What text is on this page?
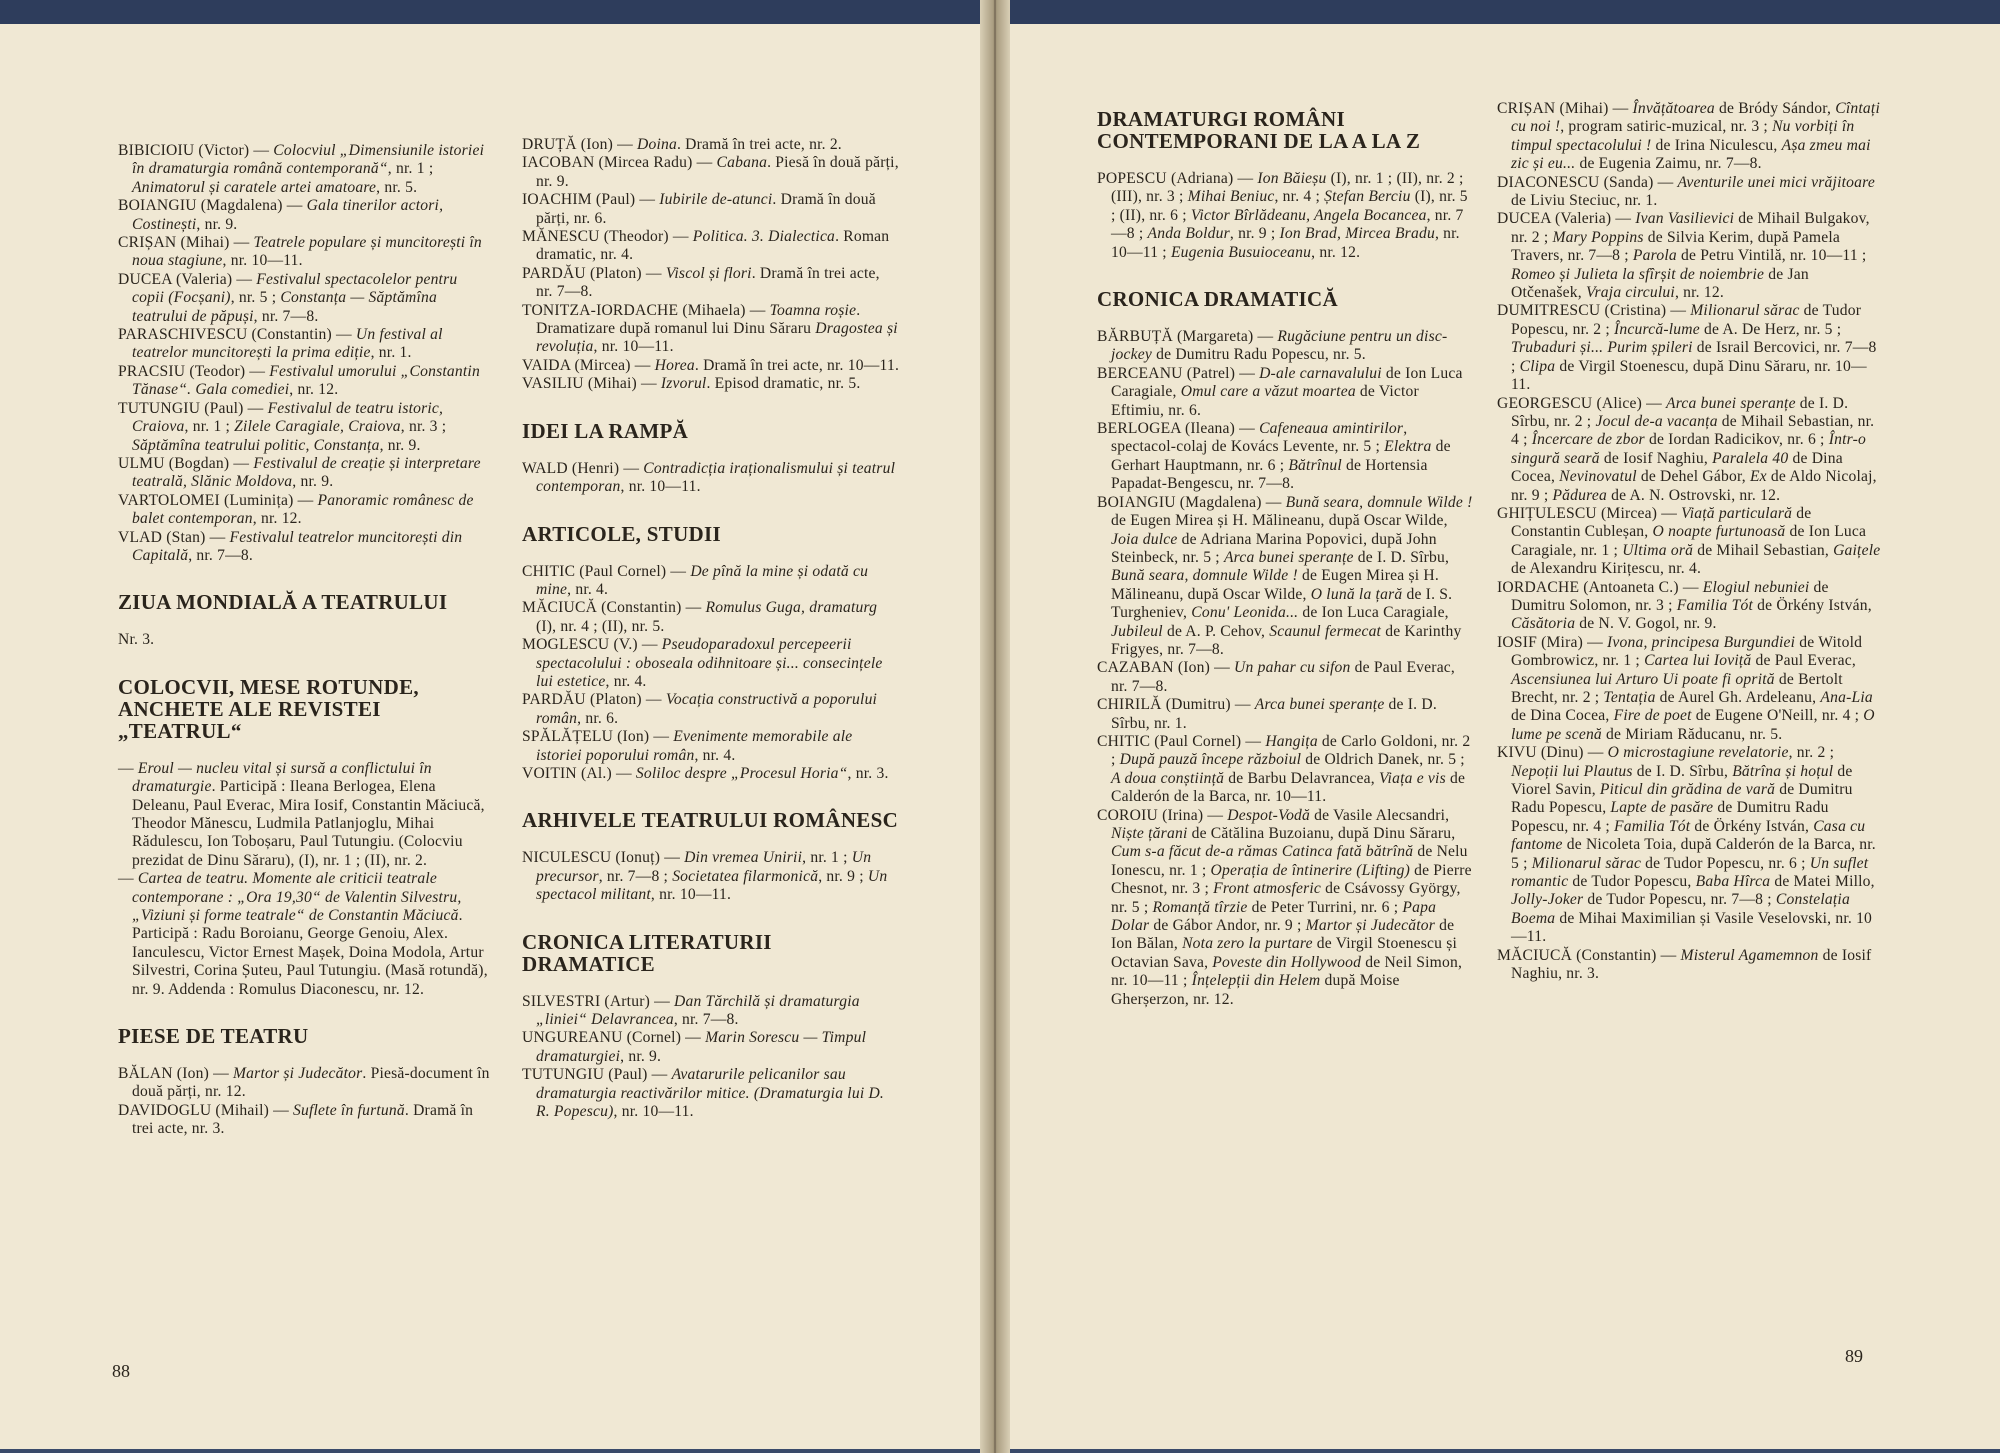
BIBICIOIU (Victor) — Colocviul „Dimensiunile istoriei în dramaturgia română contemporană“, nr. 1 ; Animatorul și caratele artei amatoare, nr. 5.
BOIANGIU (Magdalena) — Gala tinerilor actori, Costinești, nr. 9.
CRIȘAN (Mihai) — Teatrele populare și muncitorești în noua stagiune, nr. 10—11.
DUCEA (Valeria) — Festivalul spectacolelor pentru copii (Focșani), nr. 5 ; Constanța — Săptămîna teatrului de păpuși, nr. 7—8.
PARASCHIVESCU (Constantin) — Un festival al teatrelor muncitorești la prima ediție, nr. 1.
PRACSIU (Teodor) — Festivalul umorului „Constantin Tănase“. Gala comediei, nr. 12.
TUTUNGIU (Paul) — Festivalul de teatru istoric, Craiova, nr. 1 ; Zilele Caragiale, Craiova, nr. 3 ; Săptămîna teatrului politic, Constanța, nr. 9.
ULMU (Bogdan) — Festivalul de creație și interpretare teatrală, Slănic Moldova, nr. 9.
VARTOLOMEI (Luminița) — Panoramic românesc de balet contemporan, nr. 12.
VLAD (Stan) — Festivalul teatrelor muncitorești din Capitală, nr. 7—8.
ZIUA MONDIALĂ A TEATRULUI
Nr. 3.
COLOCVII, MESE ROTUNDE, ANCHETE ALE REVISTEI „TEATRUL“
— Eroul — nucleu vital și sursă a conflictului în dramaturgie. Participă : Ileana Berlogea, Elena Deleanu, Paul Everac, Mira Iosif, Constantin Măciucă, Theodor Mănescu, Ludmila Patlanjoglu, Mihai Rădulescu, Ion Toboșaru, Paul Tutungiu. (Colocviu prezidat de Dinu Săraru), (I), nr. 1 ; (II), nr. 2.
— Cartea de teatru. Momente ale criticii teatrale contemporane : „Ora 19,30“ de Valentin Silvestru, „Viziuni și forme teatrale“ de Constantin Măciucă. Participă : Radu Boroianu, George Genoiu, Alex. Ianculescu, Victor Ernest Mașek, Doina Modola, Artur Silvestri, Corina Șuteu, Paul Tutungiu. (Masă rotundă), nr. 9. Addenda : Romulus Diaconescu, nr. 12.
PIESE DE TEATRU
BĂLAN (Ion) — Martor și Judecător. Piesă-document în două părți, nr. 12.
DAVIDOGLU (Mihail) — Suflete în furtună. Dramă în trei acte, nr. 3.
DRUȚĂ (Ion) — Doina. Dramă în trei acte, nr. 2.
IACOBAN (Mircea Radu) — Cabana. Piesă în două părți, nr. 9.
IOACHIM (Paul) — Iubirile de-atunci. Dramă în două părți, nr. 6.
MĂNESCU (Theodor) — Politica. 3. Dialectica. Roman dramatic, nr. 4.
PARDĂU (Platon) — Viscol și flori. Dramă în trei acte, nr. 7—8.
TONITZA-IORDACHE (Mihaela) — Toamna roșie. Dramatizare după romanul lui Dinu Săraru Dragostea și revoluția, nr. 10—11.
VAIDA (Mircea) — Horea. Dramă în trei acte, nr. 10—11.
VASILIU (Mihai) — Izvorul. Episod dramatic, nr. 5.
IDEI LA RAMPĂ
WALD (Henri) — Contradicția iraționalismului și teatrul contemporan, nr. 10—11.
ARTICOLE, STUDII
CHITIC (Paul Cornel) — De pînă la mine și odată cu mine, nr. 4.
MĂCIUCĂ (Constantin) — Romulus Guga, dramaturg (I), nr. 4 ; (II), nr. 5.
MOGLESCU (V.) — Pseudoparadoxul percepeerii spectacolului : oboseala odihnitoare și... consecințele lui estetice, nr. 4.
PARDĂU (Platon) — Vocația constructivă a poporului român, nr. 6.
SPĂLĂȚELU (Ion) — Evenimente memorabile ale istoriei poporului român, nr. 4.
VOITIN (Al.) — Soliloc despre „Procesul Horia“, nr. 3.
ARHIVELE TEATRULUI ROMÂNESC
NICULESCU (Ionuț) — Din vremea Unirii, nr. 1 ; Un precursor, nr. 7—8 ; Societatea filarmonică, nr. 9 ; Un spectacol militant, nr. 10—11.
CRONICA LITERATURII DRAMATICE
SILVESTRI (Artur) — Dan Tărchilă și dramaturgia „liniei“ Delavrancea, nr. 7—8.
UNGUREANU (Cornel) — Marin Sorescu — Timpul dramaturgiei, nr. 9.
TUTUNGIU (Paul) — Avatarurile pelicanilor sau dramaturgia reactivărilor mitice. (Dramaturgia lui D. R. Popescu), nr. 10—11.
88
DRAMATURGI ROMÂNI CONTEMPORANI DE LA A LA Z
POPESCU (Adriana) — Ion Băieșu (I), nr. 1 ; (II), nr. 2 ; (III), nr. 3 ; Mihai Beniuc, nr. 4 ; Ștefan Berciu (I), nr. 5 ; (II), nr. 6 ; Victor Bîrlădeanu, Angela Bocancea, nr. 7—8 ; Anda Boldur, nr. 9 ; Ion Brad, Mircea Bradu, nr. 10—11 ; Eugenia Busuioceanu, nr. 12.
CRONICA DRAMATICĂ
BĂRBUȚĂ (Margareta) — Rugăciune pentru un disc-jockey de Dumitru Radu Popescu, nr. 5.
BERCEANU (Patrel) — D-ale carnavalului de Ion Luca Caragiale, Omul care a văzut moartea de Victor Eftimiu, nr. 6.
BERLOGEA (Ileana) — Cafeneaua amintirilor, spectacol-colaj de Kovács Levente, nr. 5 ; Elektra de Gerhart Hauptmann, nr. 6 ; Bătrînul de Hortensia Papadat-Bengescu, nr. 7—8.
BOIANGIU (Magdalena) — Bună seara, domnule Wilde ! de Eugen Mirea și H. Mălineanu, după Oscar Wilde, Joia dulce de Adriana Marina Popovici, după John Steinbeck, nr. 5 ; Arca bunei speranțe de I. D. Sîrbu, Bună seara, domnule Wilde ! de Eugen Mirea și H. Mălineanu, după Oscar Wilde, O lună la țară de I. S. Turgheniev, Conu' Leonida... de Ion Luca Caragiale, Jubileul de A. P. Cehov, Scaunul fermecat de Karinthy Frigyes, nr. 7—8.
CAZABAN (Ion) — Un pahar cu sifon de Paul Everac, nr. 7—8.
CHIRILĂ (Dumitru) — Arca bunei speranțe de I. D. Sîrbu, nr. 1.
CHITIC (Paul Cornel) — Hangița de Carlo Goldoni, nr. 2 ; După pauză începe războiul de Oldrich Danek, nr. 5 ; A doua conștiință de Barbu Delavrancea, Viața e vis de Calderón de la Barca, nr. 10—11.
COROIU (Irina) — Despot-Vodă de Vasile Alecsandri, Niște țărani de Cătălina Buzoianu, după Dinu Săraru, Cum s-a făcut de-a rămas Catinca fată bătrînă de Nelu Ionescu, nr. 1 ; Operația de întinerire (Lifting) de Pierre Chesnot, nr. 3 ; Front atmosferic de Csávossy György, nr. 5 ; Romanță tîrzie de Peter Turrini, nr. 6 ; Papa Dolar de Gábor Andor, nr. 9 ; Martor și Judecător de Ion Bălan, Nota zero la purtare de Virgil Stoenescu și Octavian Sava, Poveste din Hollywood de Neil Simon, nr. 10—11 ; Înțelepții din Helem după Moise Gherșerzon, nr. 12.
CRIȘAN (Mihai) — Învățătoarea de Bródy Sándor, Cîntați cu noi !, program satiric-muzical, nr. 3 ; Nu vorbiți în timpul spectacolului ! de Irina Niculescu, Așa zmeu mai zic și eu... de Eugenia Zaimu, nr. 7—8.
DIACONESCU (Sanda) — Aventurile unei mici vrăjitoare de Liviu Steciuc, nr. 1.
DUCEA (Valeria) — Ivan Vasilievici de Mihail Bulgakov, nr. 2 ; Mary Poppins de Silvia Kerim, după Pamela Travers, nr. 7—8 ; Parola de Petru Vintilă, nr. 10—11 ; Romeo și Julieta la sfîrșit de noiembrie de Jan Otčenašek, Vraja circului, nr. 12.
DUMITRESCU (Cristina) — Milionarul sărac de Tudor Popescu, nr. 2 ; Încurcă-lume de A. De Herz, nr. 5 ; Trubaduri și... Purim șpileri de Israil Bercovici, nr. 7—8 ; Clipa de Virgil Stoenescu, după Dinu Săraru, nr. 10—11.
GEORGESCU (Alice) — Arca bunei speranțe de I. D. Sîrbu, nr. 2 ; Jocul de-a vacanța de Mihail Sebastian, nr. 4 ; Încercare de zbor de Iordan Radicikov, nr. 6 ; Într-o singură seară de Iosif Naghiu, Paralela 40 de Dina Cocea, Nevinovatul de Dehel Gábor, Ex de Aldo Nicolaj, nr. 9 ; Pădurea de A. N. Ostrovski, nr. 12.
GHIȚULESCU (Mircea) — Viață particulară de Constantin Cubleșan, O noapte furtunoasă de Ion Luca Caragiale, nr. 1 ; Ultima oră de Mihail Sebastian, Gaițele de Alexandru Kirițescu, nr. 4.
IORDACHE (Antoaneta C.) — Elogiul nebuniei de Dumitru Solomon, nr. 3 ; Familia Tót de Örkény István, Căsătoria de N. V. Gogol, nr. 9.
IOSIF (Mira) — Ivona, principesa Burgundiei de Witold Gombrowicz, nr. 1 ; Cartea lui Ioviță de Paul Everac, Ascensiunea lui Arturo Ui poate fi oprită de Bertolt Brecht, nr. 2 ; Tentația de Aurel Gh. Ardeleanu, Ana-Lia de Dina Cocea, Fire de poet de Eugene O'Neill, nr. 4 ; O lume pe scenă de Miriam Răducanu, nr. 5.
KIVU (Dinu) — O microstagiune revelatorie, nr. 2 ; Nepoții lui Plautus de I. D. Sîrbu, Bătrîna și hoțul de Viorel Savin, Piticul din grădina de vară de Dumitru Radu Popescu, Lapte de pasăre de Dumitru Radu Popescu, nr. 4 ; Familia Tót de Örkény István, Casa cu fantome de Nicoleta Toia, după Calderón de la Barca, nr. 5 ; Milionarul sărac de Tudor Popescu, nr. 6 ; Un suflet romantic de Tudor Popescu, Baba Hîrca de Matei Millo, Jolly-Joker de Tudor Popescu, nr. 7—8 ; Constelația Boema de Mihai Maximilian și Vasile Veselovski, nr. 10—11.
MĂCIUCĂ (Constantin) — Misterul Agamemnon de Iosif Naghiu, nr. 3.
89
